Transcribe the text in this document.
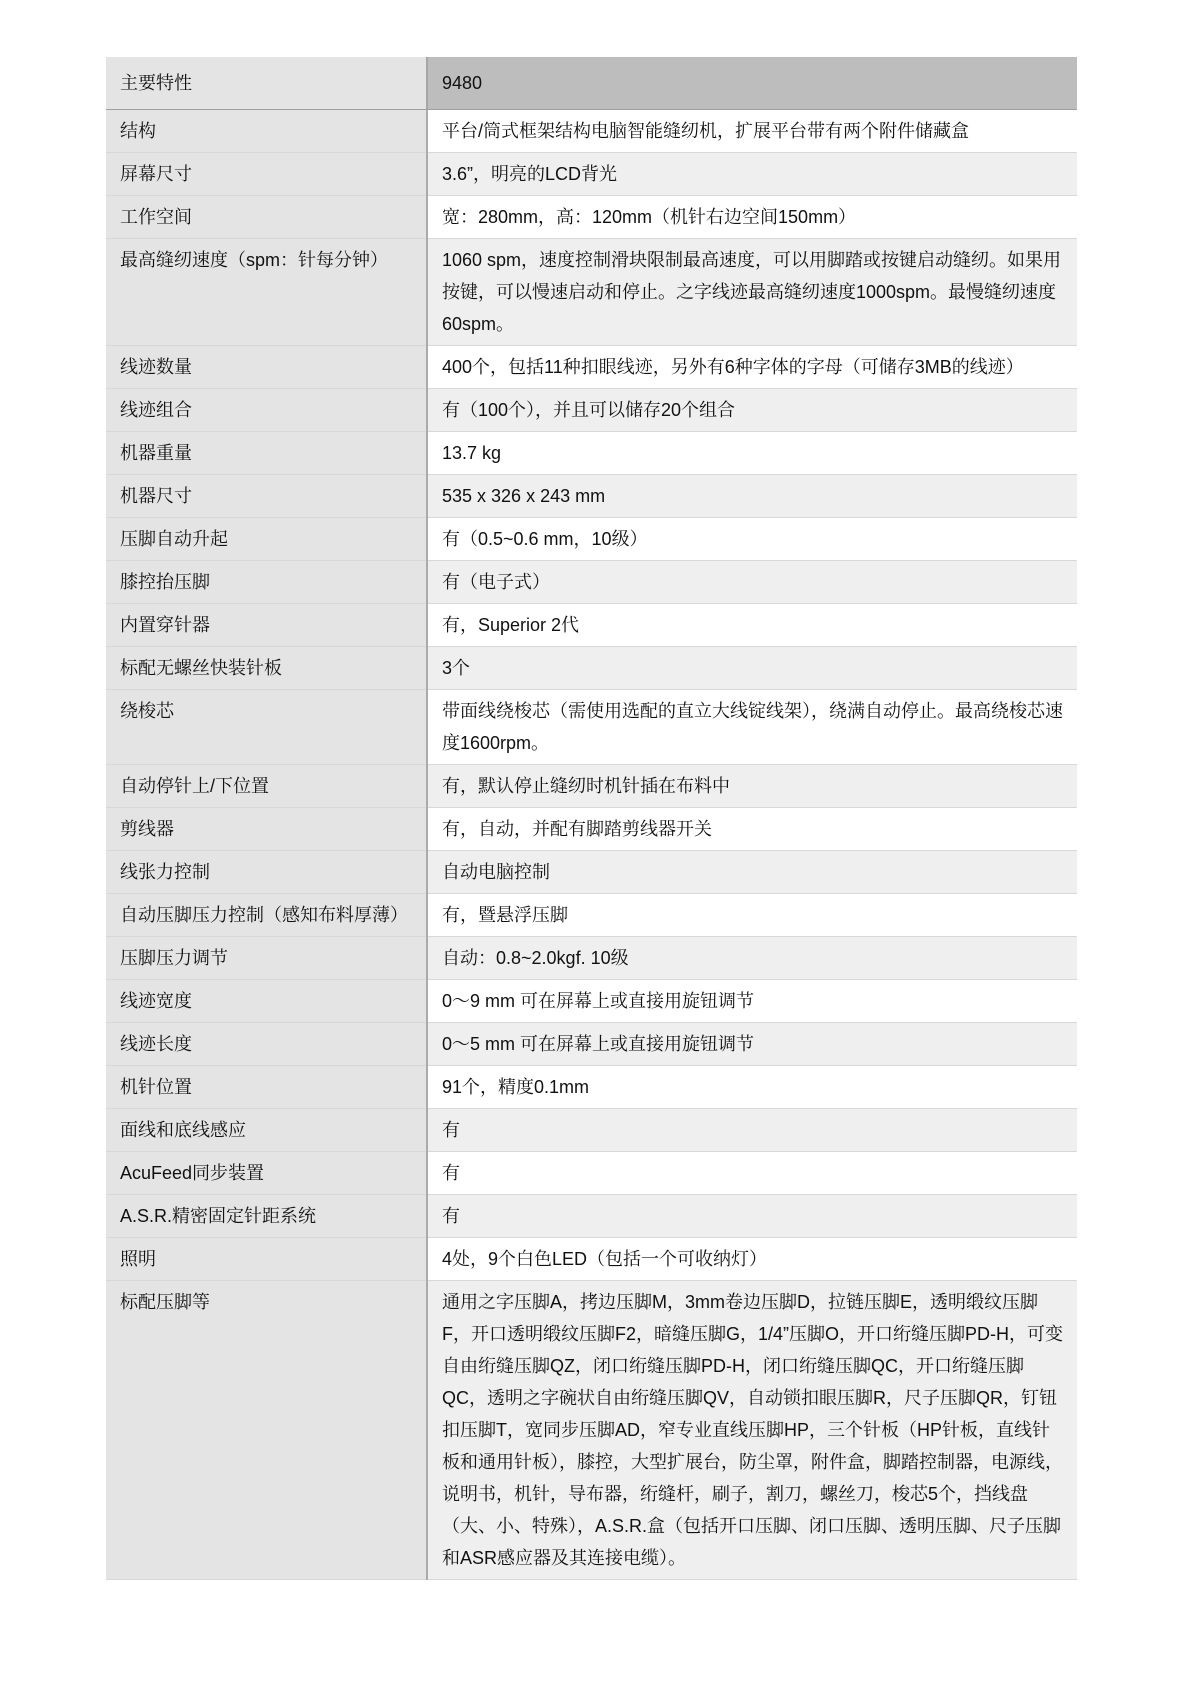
主要特性	9480
结构	平台/筒式框架结构电脑智能缝纫机，扩展平台带有两个附件储藏盒
屏幕尺寸	3.6”，明亮的LCD背光
工作空间	宽：280mm，高：120mm（机针右边空间150mm）
最高缝纫速度（spm：针每分钟）	1060 spm，速度控制滑块限制最高速度，可以用脚踏或按键启动缝纫。如果用按键，可以慢速启动和停止。之字线迹最高缝纫速度1000spm。最慢缝纫速度60spm。
线迹数量	400个，包括11种扣眼线迹，另外有6种字体的字母（可储存3MB的线迹）
线迹组合	有（100个），并且可以储存20个组合
机器重量	13.7 kg
机器尺寸	535 x 326 x 243 mm
压脚自动升起	有（0.5~0.6 mm，10级）
膝控抬压脚	有（电子式）
内置穿针器	有，Superior 2代
标配无螺丝快装针板	3个
绕梭芯	带面线绕梭芯（需使用选配的直立大线锭线架），绕满自动停止。最高绕梭芯速度1600rpm。
自动停针上/下位置	有，默认停止缝纫时机针插在布料中
剪线器	有，自动，并配有脚踏剪线器开关
线张力控制	自动电脑控制
自动压脚压力控制（感知布料厚薄）	有，暨悬浮压脚
压脚压力调节	自动：0.8~2.0kgf. 10级
线迹宽度	0～9 mm 可在屏幕上或直接用旋钮调节
线迹长度	0～5 mm 可在屏幕上或直接用旋钮调节
机针位置	91个，精度0.1mm
面线和底线感应	有
AcuFeed同步装置	有
A.S.R.精密固定针距系统	有
照明	4处，9个白色LED（包括一个可收纳灯）
标配压脚等	通用之字压脚A，拷边压脚M，3mm卷边压脚D，拉链压脚E，透明缎纹压脚F，开口透明缎纹压脚F2，暗缝压脚G，1/4”压脚O，开口绗缝压脚PD-H，可变自由绗缝压脚QZ，闭口绗缝压脚PD-H，闭口绗缝压脚QC，开口绗缝压脚QC，透明之字碗状自由绗缝压脚QV，自动锁扣眼压脚R，尺子压脚QR，钉钮扣压脚T，宽同步压脚AD，窄专业直线压脚HP，三个针板（HP针板，直线针板和通用针板），膝控，大型扩展台，防尘罩，附件盒，脚踏控制器，电源线，说明书，机针，导布器，绗缝杆，刷子，割刀，螺丝刀，梭芯5个，挡线盘（大、小、特殊），A.S.R.盒（包括开口压脚、闭口压脚、透明压脚、尺子压脚和ASR感应器及其连接电缆）。
